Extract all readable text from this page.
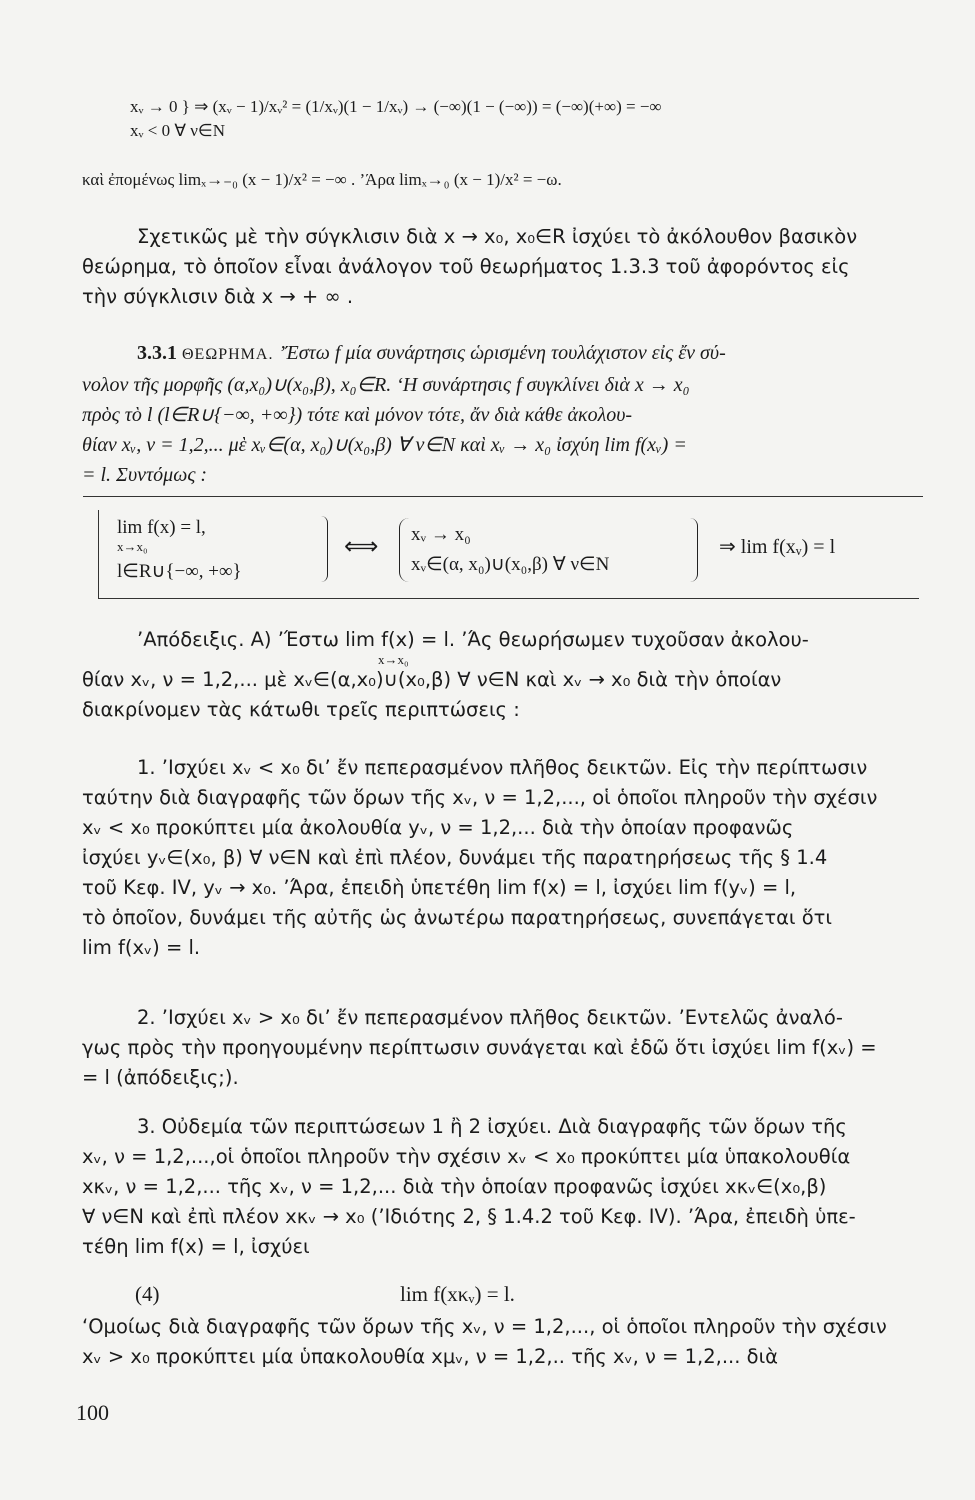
xᵥ → 0 } ⇒ (xᵥ − 1)/xᵥ² = (1/xᵥ)(1 − 1/xᵥ) → (−∞)(1 − (−∞)) = (−∞)(+∞) = −∞
xᵥ < 0 ∀ ν∈N
καὶ ἐπομένως limₓ→₋₀ (x − 1)/x² = −∞ . ’Άρα limₓ→₀ (x − 1)/x² = −ω.
Σχετικῶς μὲ τὴν σύγκλισιν διὰ x → x₀, x₀∈R ἰσχύει τὸ ἀκόλουθον βασικὸν
θεώρημα, τὸ ὁποῖον εἶναι ἀνάλογον τοῦ θεωρήματος 1.3.3 τοῦ ἀφορόντος εἰς
τὴν σύγκλισιν διὰ x → + ∞ .
3.3.1 ΘΕΩΡΗΜΑ. ’Έστω f μία συνάρτησις ὡρισμένη τουλάχιστον εἰς ἔν σύ-
νολον τῆς μορφῆς (α,x₀)∪(x₀,β), x₀∈R. ‘Η συνάρτησις f συγκλίνει διὰ x → x₀
πρὸς τὸ l (l∈R∪{−∞, +∞}) τότε καὶ μόνον τότε, ἄν διὰ κάθε ἀκολου-
θίαν xᵥ, ν = 1,2,... μὲ xᵥ∈(α, x₀)∪(x₀,β) ∀ ν∈N καὶ xᵥ → x₀ ἰσχύη lim f(xᵥ) =
= l. Συντόμως :
lim f(x) = l,
x→x₀
l∈R∪{−∞, +∞}
⟺ xᵥ → x₀
xᵥ∈(α, x₀)∪(x₀,β) ∀ ν∈N
⇒ lim f(xᵥ) = l
’Απόδειξις. Α) ’Έστω lim f(x) = l. ’Άς θεωρήσωμεν τυχοῦσαν ἀκολου-
x→x₀
θίαν xᵥ, ν = 1,2,... μὲ xᵥ∈(α,x₀)∪(x₀,β) ∀ ν∈N καὶ xᵥ → x₀ διὰ τὴν ὁποίαν
διακρίνομεν τὰς κάτωθι τρεῖς περιπτώσεις :
1. ’Ισχύει xᵥ < x₀ δι’ ἔν πεπερασμένον πλῆθος δεικτῶν. Εἰς τὴν περίπτωσιν
ταύτην διὰ διαγραφῆς τῶν ὅρων τῆς xᵥ, ν = 1,2,..., οἱ ὁποῖοι πληροῦν τὴν σχέσιν
xᵥ < x₀ προκύπτει μία ἀκολουθία yᵥ, ν = 1,2,... διὰ τὴν ὁποίαν προφανῶς
ἰσχύει yᵥ∈(x₀, β) ∀ ν∈N καὶ ἐπὶ πλέον, δυνάμει τῆς παρατηρήσεως τῆς § 1.4
τοῦ Κεφ. IV, yᵥ → x₀. ’Άρα, ἐπειδὴ ὑπετέθη lim f(x) = l, ἰσχύει lim f(yᵥ) = l,
τὸ ὁποῖον, δυνάμει τῆς αὐτῆς ὡς ἀνωτέρω παρατηρήσεως, συνεπάγεται ὅτι
lim f(xᵥ) = l.
2. ’Ισχύει xᵥ > x₀ δι’ ἔν πεπερασμένον πλῆθος δεικτῶν. ’Εντελῶς ἀναλό-
γως πρὸς τὴν προηγουμένην περίπτωσιν συνάγεται καὶ ἐδῶ ὅτι ἰσχύει lim f(xᵥ) =
= l (ἀπόδειξις;).
3. Οὐδεμία τῶν περιπτώσεων 1 ἢ 2 ἰσχύει. Διὰ διαγραφῆς τῶν ὅρων τῆς
xᵥ, ν = 1,2,...,οἱ ὁποῖοι πληροῦν τὴν σχέσιν xᵥ < x₀ προκύπτει μία ὑπακολουθία
xκᵥ, ν = 1,2,... τῆς xᵥ, ν = 1,2,... διὰ τὴν ὁποίαν προφανῶς ἰσχύει xκᵥ∈(x₀,β)
∀ ν∈N καὶ ἐπὶ πλέον xκᵥ → x₀ (’Ιδιότης 2, § 1.4.2 τοῦ Κεφ. IV). ’Άρα, ἐπειδὴ ὑπε-
τέθη lim f(x) = l, ἰσχύει
(4)	lim f(xκᵥ) = l.
‘Ομοίως διὰ διαγραφῆς τῶν ὅρων τῆς xᵥ, ν = 1,2,..., οἱ ὁποῖοι πληροῦν τὴν σχέσιν
xᵥ > x₀ προκύπτει μία ὑπακολουθία xμᵥ, ν = 1,2,.. τῆς xᵥ, ν = 1,2,... διὰ
100
